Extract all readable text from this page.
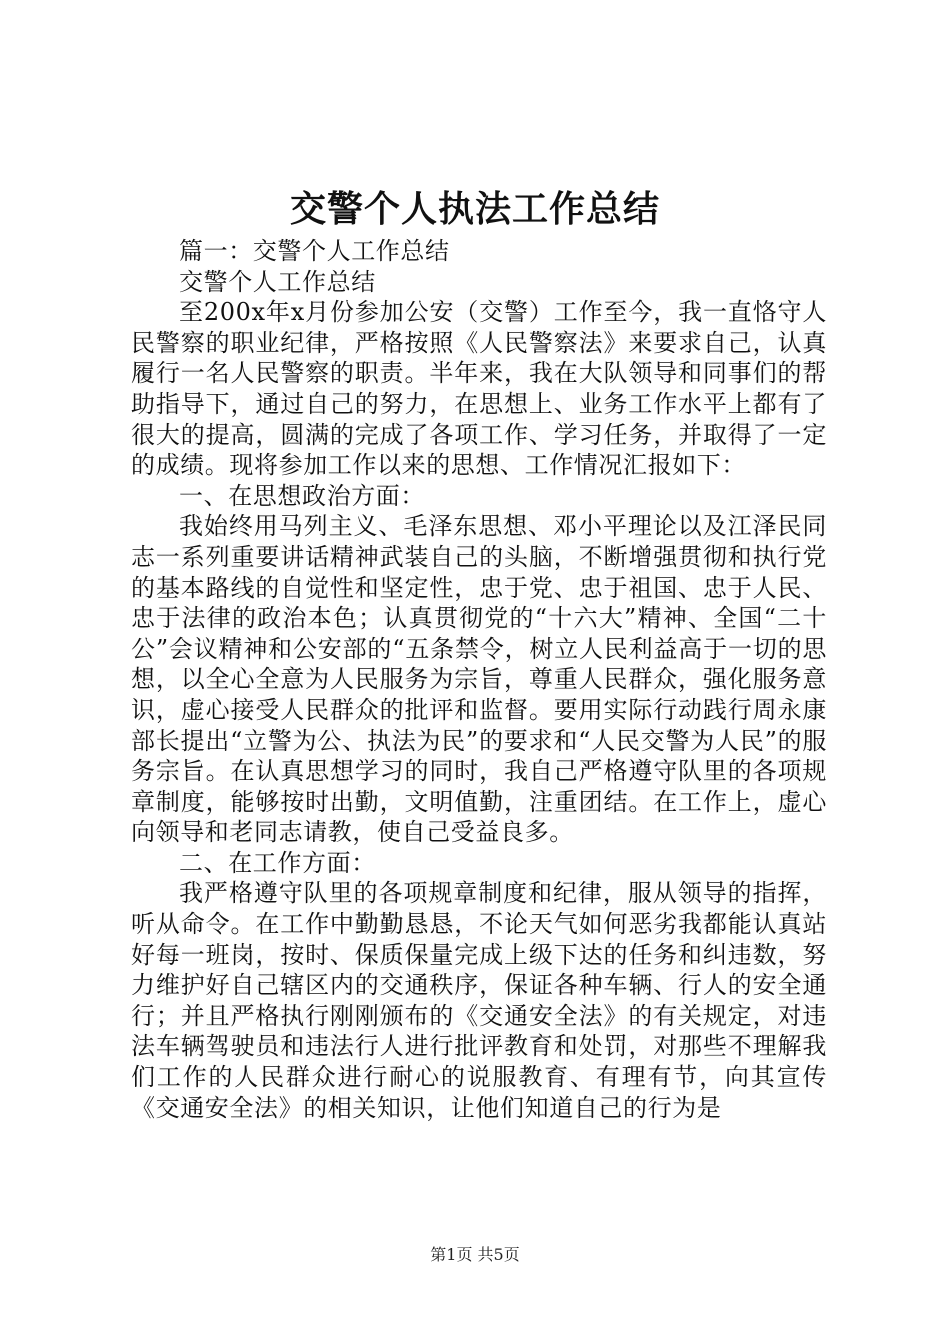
交警个人执法工作总结

篇一：交警个人工作总结

交警个人工作总结

至200x年x月份参加公安（交警）工作至今，我一直恪守人民警察的职业纪律，严格按照《人民警察法》来要求自己，认真履行一名人民警察的职责。半年来，我在大队领导和同事们的帮助指导下，通过自己的努力，在思想上、业务工作水平上都有了很大的提高，圆满的完成了各项工作、学习任务，并取得了一定的成绩。现将参加工作以来的思想、工作情况汇报如下：

一、在思想政治方面：

我始终用马列主义、毛泽东思想、邓小平理论以及江泽民同志一系列重要讲话精神武装自己的头脑，不断增强贯彻和执行党的基本路线的自觉性和坚定性，忠于党、忠于祖国、忠于人民、忠于法律的政治本色；认真贯彻党的“十六大”精神、全国“二十公”会议精神和公安部的“五条禁令，树立人民利益高于一切的思想，以全心全意为人民服务为宗旨，尊重人民群众，强化服务意识，虚心接受人民群众的批评和监督。要用实际行动践行周永康部长提出“立警为公、执法为民”的要求和“人民交警为人民”的服务宗旨。在认真思想学习的同时，我自己严格遵守队里的各项规章制度，能够按时出勤，文明值勤，注重团结。在工作上，虚心向领导和老同志请教，使自己受益良多。

二、在工作方面：

我严格遵守队里的各项规章制度和纪律，服从领导的指挥，听从命令。在工作中勤勤恳恳，不论天气如何恶劣我都能认真站好每一班岗，按时、保质保量完成上级下达的任务和纠违数，努力维护好自己辖区内的交通秩序，保证各种车辆、行人的安全通行；并且严格执行刚刚颁布的《交通安全法》的有关规定，对违法车辆驾驶员和违法行人进行批评教育和处罚，对那些不理解我们工作的人民群众进行耐心的说服教育、有理有节，向其宣传《交通安全法》的相关知识，让他们知道自己的行为是

第1页 共5页
